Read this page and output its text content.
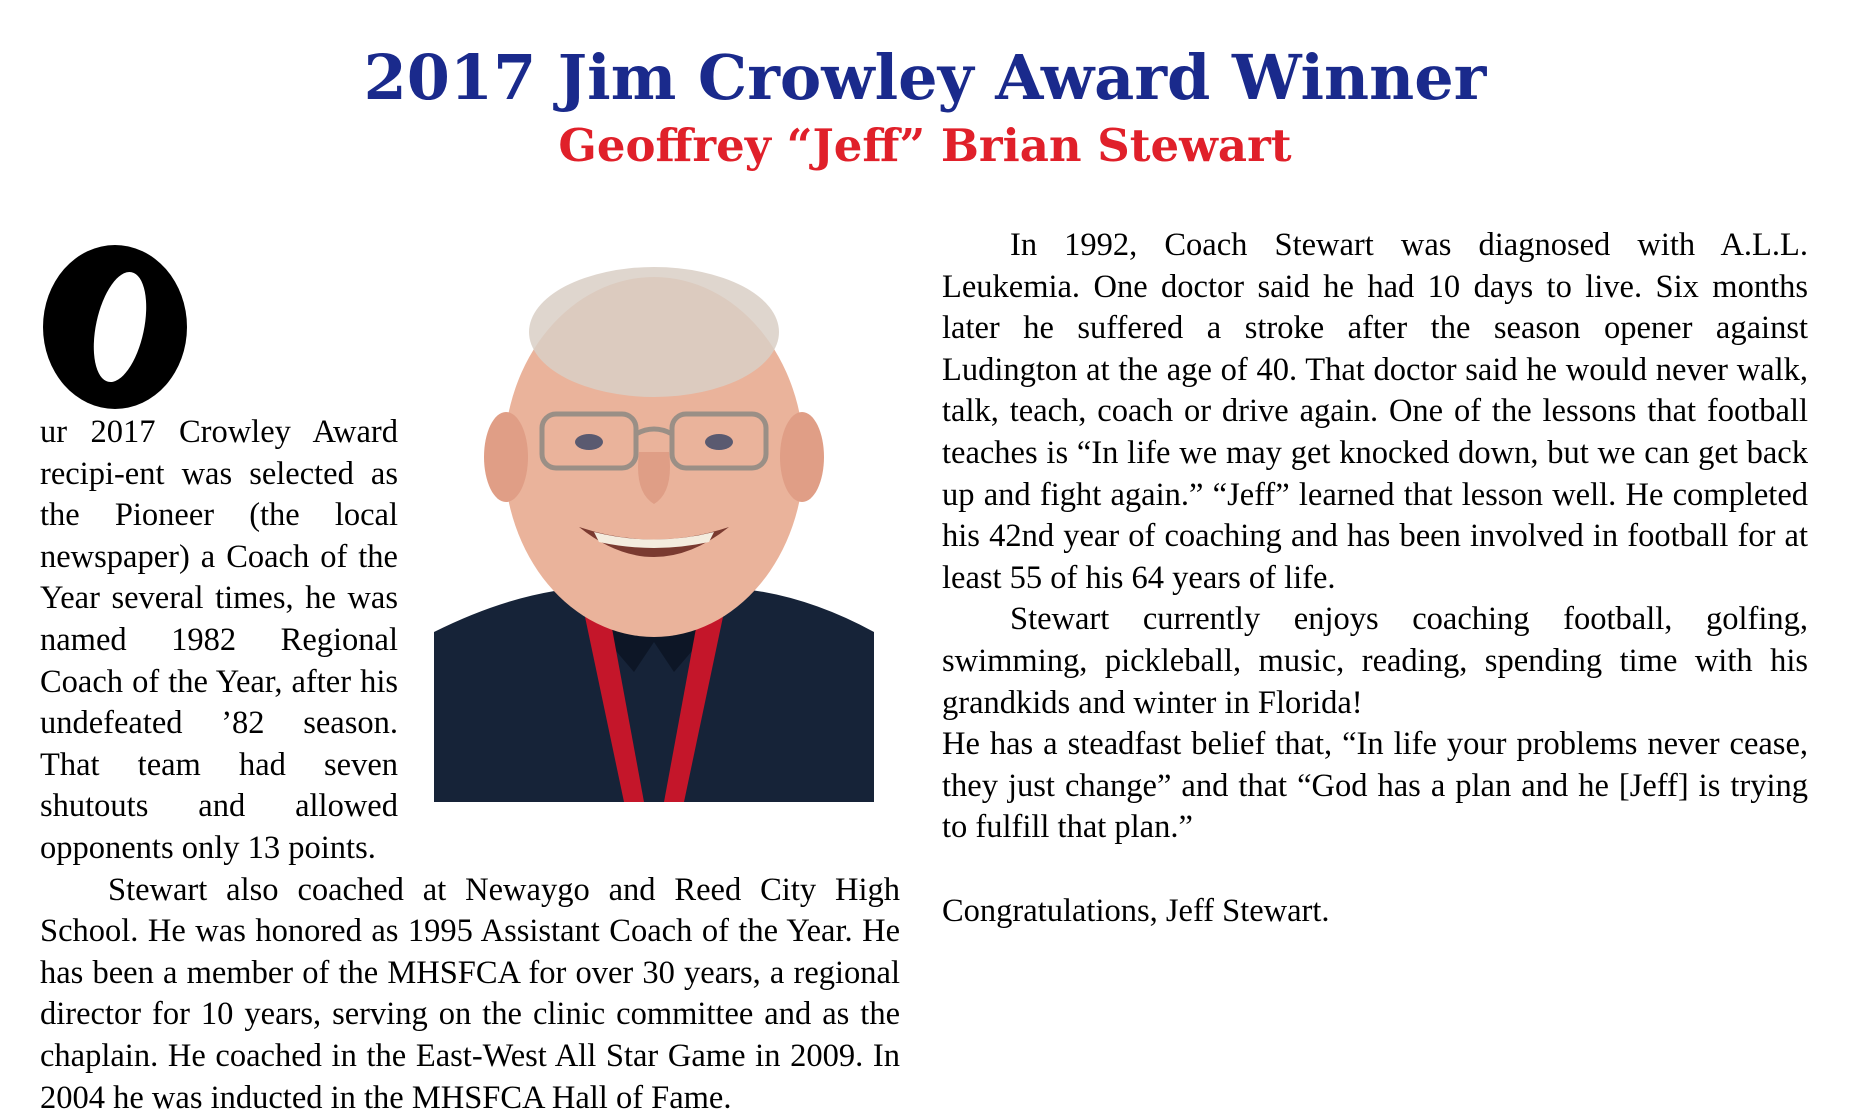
2017 Jim Crowley Award Winner
Geoffrey “Jeff” Brian Stewart

ur 2017 Crowley Award recipi-ent was selected as the Pioneer (the local newspaper) a Coach of the Year several times, he was named 1982 Regional Coach of the Year, after his undefeated ’82 season. That team had seven shutouts and allowed opponents only 13 points.

Stewart also coached at Newaygo and Reed City High School. He was honored as 1995 Assistant Coach of the Year. He has been a member of the MHSFCA for over 30 years, a regional director for 10 years, serving on the clinic committee and as the chaplain. He coached in the East-West All Star Game in 2009. In 2004 he was inducted in the MHSFCA Hall of Fame.

In 1992, Coach Stewart was diagnosed with A.L.L. Leukemia. One doctor said he had 10 days to live. Six months later he suffered a stroke after the season opener against Ludington at the age of 40. That doctor said he would never walk, talk, teach, coach or drive again. One of the lessons that football teaches is “In life we may get knocked down, but we can get back up and fight again.” “Jeff” learned that lesson well. He completed his 42nd year of coaching and has been involved in football for at least 55 of his 64 years of life.

Stewart currently enjoys coaching football, golfing, swimming, pickleball, music, reading, spending time with his grandkids and winter in Florida!

He has a steadfast belief that, “In life your problems never cease, they just change” and that “God has a plan and he [Jeff] is trying to fulfill that plan.”

Congratulations, Jeff Stewart.
